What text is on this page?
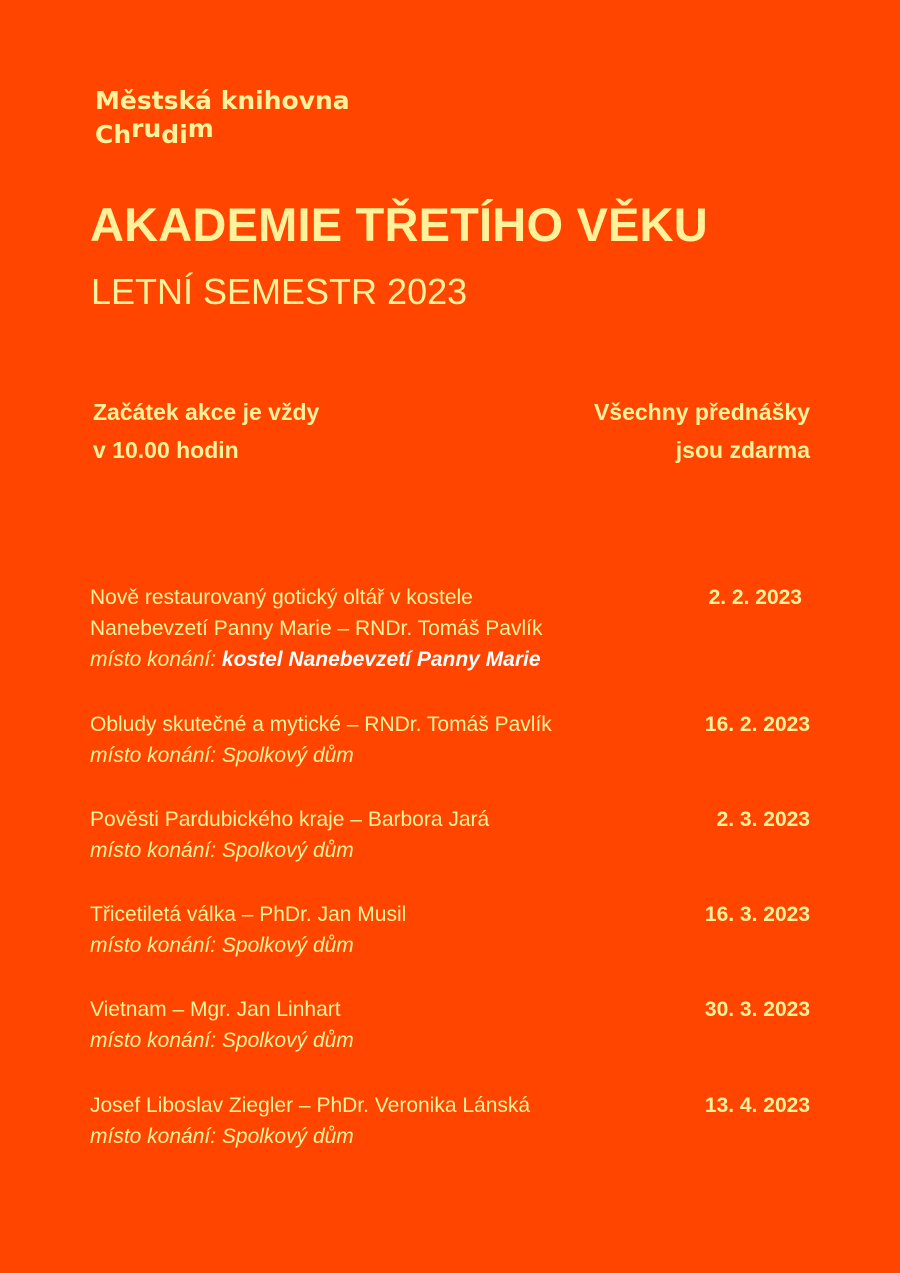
Městská knihovna
Chrudim
AKADEMIE TŘETÍHO VĚKU
LETNÍ SEMESTR 2023
Začátek akce je vždy
v 10.00 hodin
Všechny přednášky
jsou zdarma
2. 2. 2023
Nově restaurovaný gotický oltář v kostele
Nanebevzetí Panny Marie – RNDr. Tomáš Pavlík
místo konání: kostel Nanebevzetí Panny Marie
16. 2. 2023
Obludy skutečné a mytické – RNDr. Tomáš Pavlík
místo konání: Spolkový dům
2. 3. 2023
Pověsti Pardubického kraje – Barbora Jará
místo konání: Spolkový dům
16. 3. 2023
Třicetiletá válka – PhDr. Jan Musil
místo konání: Spolkový dům
30. 3. 2023
Vietnam – Mgr. Jan Linhart
místo konání: Spolkový dům
13. 4. 2023
Josef Liboslav Ziegler – PhDr. Veronika Lánská
místo konání: Spolkový dům
